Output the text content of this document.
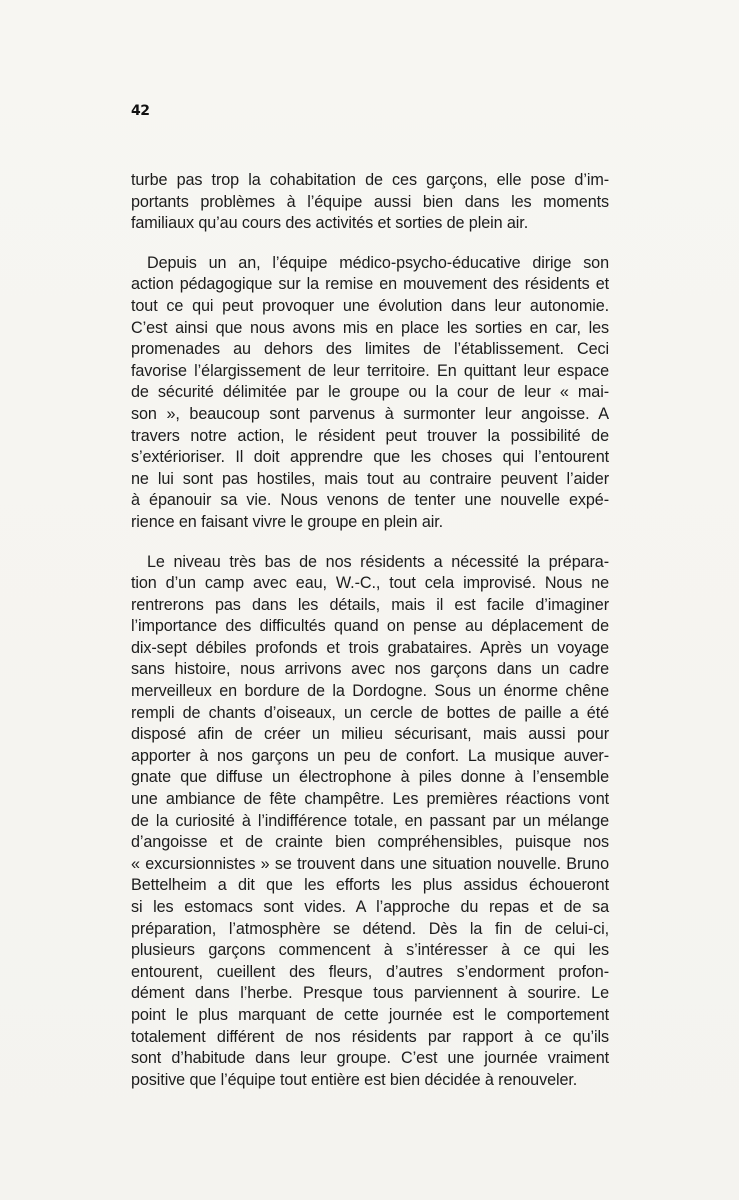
42
turbe pas trop la cohabitation de ces garçons, elle pose d’im-
portants problèmes à l’équipe aussi bien dans les moments
familiaux qu’au cours des activités et sorties de plein air.
Depuis un an, l’équipe médico-psycho-éducative dirige son
action pédagogique sur la remise en mouvement des résidents et
tout ce qui peut provoquer une évolution dans leur autonomie.
C’est ainsi que nous avons mis en place les sorties en car, les
promenades au dehors des limites de l’établissement. Ceci
favorise l’élargissement de leur territoire. En quittant leur espace
de sécurité délimitée par le groupe ou la cour de leur « mai-
son », beaucoup sont parvenus à surmonter leur angoisse. A
travers notre action, le résident peut trouver la possibilité de
s’extérioriser. Il doit apprendre que les choses qui l’entourent
ne lui sont pas hostiles, mais tout au contraire peuvent l’aider
à épanouir sa vie. Nous venons de tenter une nouvelle expé-
rience en faisant vivre le groupe en plein air.
Le niveau très bas de nos résidents a nécessité la prépara-
tion d’un camp avec eau, W.-C., tout cela improvisé. Nous ne
rentrerons pas dans les détails, mais il est facile d’imaginer
l’importance des difficultés quand on pense au déplacement de
dix-sept débiles profonds et trois grabataires. Après un voyage
sans histoire, nous arrivons avec nos garçons dans un cadre
merveilleux en bordure de la Dordogne. Sous un énorme chêne
rempli de chants d’oiseaux, un cercle de bottes de paille a été
disposé afin de créer un milieu sécurisant, mais aussi pour
apporter à nos garçons un peu de confort. La musique auver-
gnate que diffuse un électrophone à piles donne à l’ensemble
une ambiance de fête champêtre. Les premières réactions vont
de la curiosité à l’indifférence totale, en passant par un mélange
d’angoisse et de crainte bien compréhensibles, puisque nos
« excursionnistes » se trouvent dans une situation nouvelle. Bruno
Bettelheim a dit que les efforts les plus assidus échoueront
si les estomacs sont vides. A l’approche du repas et de sa
préparation, l’atmosphère se détend. Dès la fin de celui-ci,
plusieurs garçons commencent à s’intéresser à ce qui les
entourent, cueillent des fleurs, d’autres s’endorment profon-
dément dans l’herbe. Presque tous parviennent à sourire. Le
point le plus marquant de cette journée est le comportement
totalement différent de nos résidents par rapport à ce qu’ils
sont d’habitude dans leur groupe. C’est une journée vraiment
positive que l’équipe tout entière est bien décidée à renouveler.
